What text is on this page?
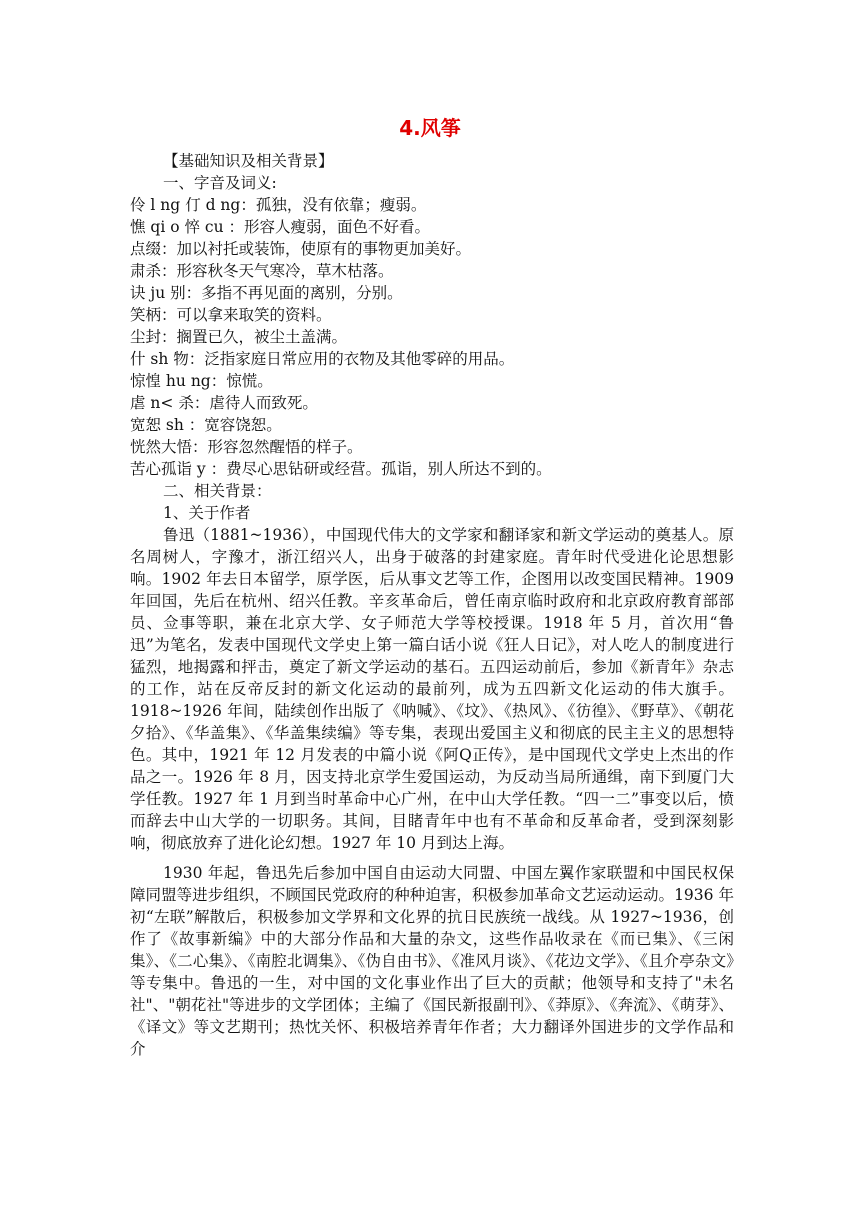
4.风筝
【基础知识及相关背景】
一、字音及词义:
伶 l ng 仃 d ng：孤独，没有依靠；瘦弱。
憔 qi o 悴 cu ：形容人瘦弱，面色不好看。
点缀：加以衬托或装饰，使原有的事物更加美好。
肃杀：形容秋冬天气寒冷，草木枯落。
诀 ju 别：多指不再见面的离别，分别。
笑柄：可以拿来取笑的资料。
尘封：搁置已久，被尘土盖满。
什 sh 物：泛指家庭日常应用的衣物及其他零碎的用品。
惊惶 hu ng：惊慌。
虐 n< 杀：虐待人而致死。
宽恕 sh ：宽容饶恕。
恍然大悟：形容忽然醒悟的样子。
苦心孤诣 y ：费尽心思钻研或经营。孤诣，别人所达不到的。
二、相关背景：
1、关于作者

鲁迅（1881~1936），中国现代伟大的文学家和翻译家和新文学运动的奠基人。原名周树人，字豫才，浙江绍兴人，出身于破落的封建家庭。青年时代受进化论思想影响。1902 年去日本留学，原学医，后从事文艺等工作，企图用以改变国民精神。1909 年回国，先后在杭州、绍兴任教。辛亥革命后，曾任南京临时政府和北京政府教育部部员、佥事等职，兼在北京大学、女子师范大学等校授课。1918 年 5 月，首次用“鲁迅”为笔名，发表中国现代文学史上第一篇白话小说《狂人日记》，对人吃人的制度进行猛烈，地揭露和抨击，奠定了新文学运动的基石。五四运动前后，参加《新青年》杂志的工作，站在反帝反封的新文化运动的最前列，成为五四新文化运动的伟大旗手。1918~1926 年间，陆续创作出版了《呐喊》、《坟》、《热风》、《彷徨》、《野草》、《朝花夕拾》、《华盖集》、《华盖集续编》等专集，表现出爱国主义和彻底的民主主义的思想特色。其中，1921 年 12 月发表的中篇小说《阿Q正传》，是中国现代文学史上杰出的作品之一。1926 年 8 月，因支持北京学生爱国运动，为反动当局所通缉，南下到厦门大学任教。1927 年 1 月到当时革命中心广州，在中山大学任教。“四一二”事变以后，愤而辞去中山大学的一切职务。其间，目睹青年中也有不革命和反革命者，受到深刻影响，彻底放弃了进化论幻想。1927 年 10 月到达上海。

1930 年起，鲁迅先后参加中国自由运动大同盟、中国左翼作家联盟和中国民权保障同盟等进步组织，不顾国民党政府的种种迫害，积极参加革命文艺运动运动。1936 年初“左联”解散后，积极参加文学界和文化界的抗日民族统一战线。从 1927~1936，创作了《故事新编》中的大部分作品和大量的杂文，这些作品收录在《而已集》、《三闲集》、《二心集》、《南腔北调集》、《伪自由书》、《准风月谈》、《花边文学》、《且介亭杂文》等专集中。鲁迅的一生，对中国的文化事业作出了巨大的贡献；他领导和支持了"未名社"、"朝花社"等进步的文学团体；主编了《国民新报副刊》、《莽原》、《奔流》、《萌芽》、《译文》等文艺期刊；热忱关怀、积极培养青年作者；大力翻译外国进步的文学作品和介
